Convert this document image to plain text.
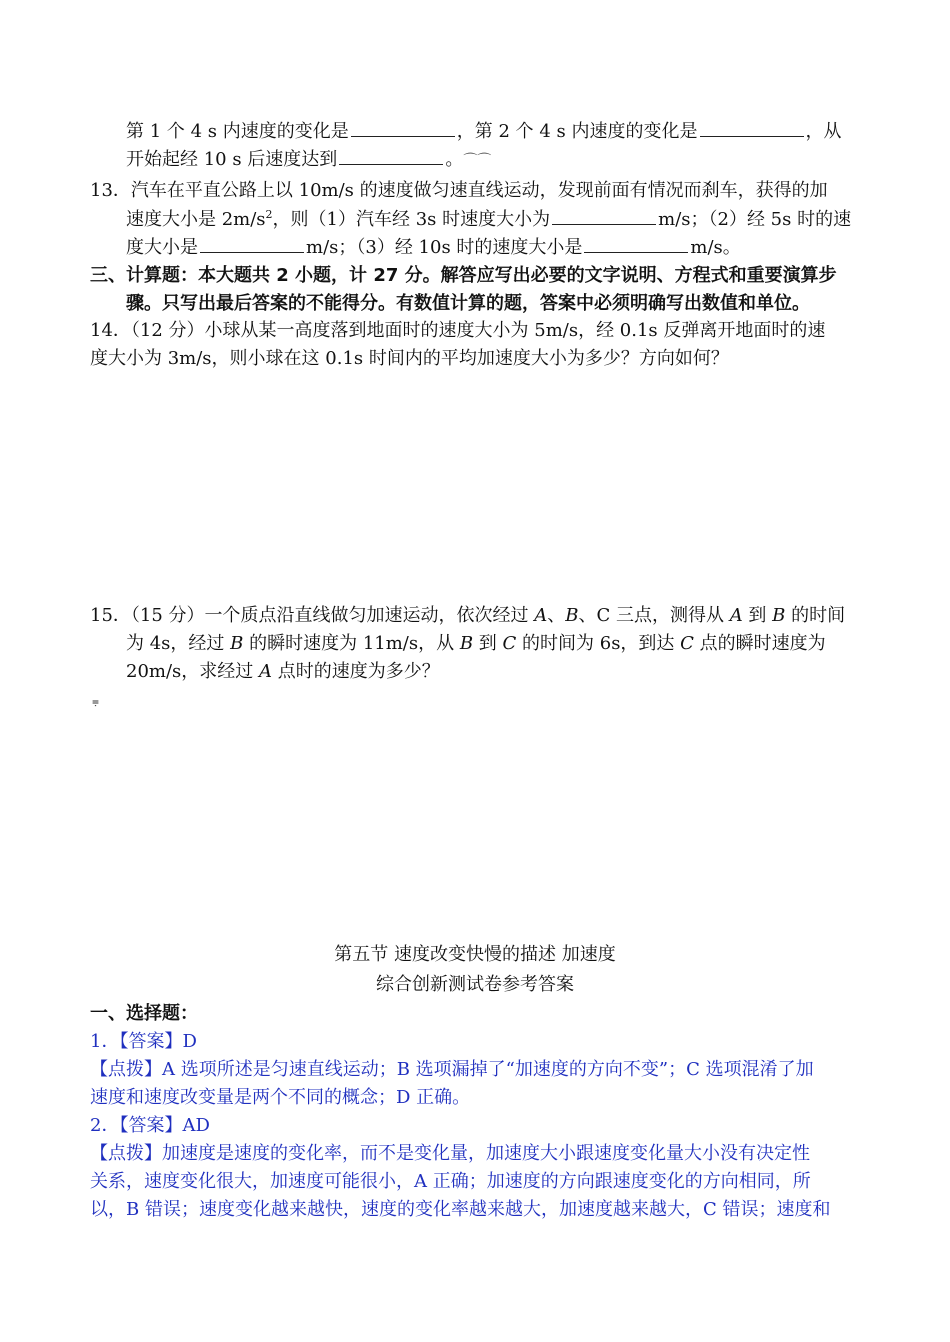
第 1 个 4 s 内速度的变化是	，第 2 个 4 s 内速度的变化是	，从
开始起经 10 s 后速度达到	。⌒⌒
13．汽车在平直公路上以 10m/s 的速度做匀速直线运动，发现前面有情况而刹车，获得的加
速度大小是 $2m/s^2$，则（1）汽车经 3s 时速度大小为	m/s；（2）经 5s 时的速
度大小是	m/s；（3）经 10s 时的速度大小是	m/s。
三、计算题：本大题共 2 小题，计 27 分。解答应写出必要的文字说明、方程式和重要演算步
骤。只写出最后答案的不能得分。有数值计算的题，答案中必须明确写出数值和单位。
14．（12 分）小球从某一高度落到地面时的速度大小为 5m/s，经 0.1s 反弹离开地面时的速
度大小为 3m/s，则小球在这 0.1s 时间内的平均加速度大小为多少？方向如何？
15．（15 分）一个质点沿直线做匀加速运动，依次经过 A、B、C 三点，测得从 A 到 B 的时间
为 4s，经过 B 的瞬时速度为 11m/s，从 B 到 C 的时间为 6s，到达 C 点的瞬时速度为
20m/s，求经过 A 点时的速度为多少？
⩦
第五节 速度改变快慢的描述 加速度
综合创新测试卷参考答案
一、选择题：
1．【答案】D
【点拨】A 选项所述是匀速直线运动；B 选项漏掉了“加速度的方向不变”；C 选项混淆了加
速度和速度改变量是两个不同的概念；D 正确。
2．【答案】AD
【点拨】加速度是速度的变化率，而不是变化量，加速度大小跟速度变化量大小没有决定性
关系，速度变化很大，加速度可能很小，A 正确；加速度的方向跟速度变化的方向相同，所
以，B 错误；速度变化越来越快，速度的变化率越来越大，加速度越来越大，C 错误；速度和
